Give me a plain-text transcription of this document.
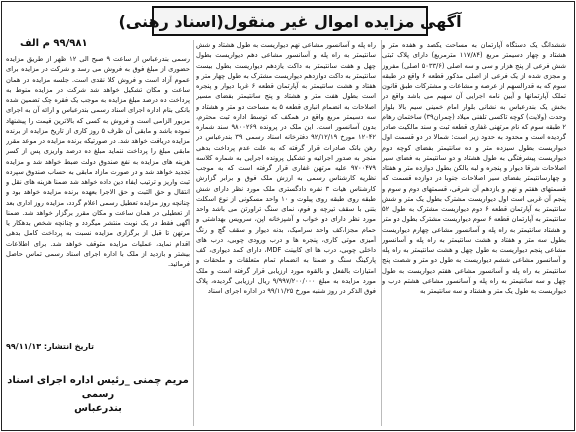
آگهی مزایده اموال غیر منقول(اسناد رهنی)
۹۹/۹۸۱ م الف	ششدانگ یک دستگاه آپارتمان به مساحت یکصد و هفده متر و هشتاد و چهار دسیمتر مربع (۱۱۷/۸۴ مترمربع) دارای پلاک ثبتی شش فرعی از پنج هزار و سی و سه اصلی (۵۰۳۳/۶ اصلی) مفروز و مجزی شده از یک فرعی از اصلی مذکور قطعه ۶ واقع در طبقه سوم که به قدرالسهم از عرصه و مشاعات و مشترکات طبق قانون تملک آپارتمانها و آیین نامه اجرایی آن سهیم می باشد واقع در بخش یک بندرعباس به نشانی بلوار امام خمینی سیم بالا بلوار وحدت (ولایت) کوچه تاکسی تلفنی میلاد (چمران۳۹) ساختمان رهام ۲ طبقه سوم که نام مرتهنی غفاری قطعه ثبت و سند مالکیت صادر گردیده است و محدود به حدود زیر است: شمالا در دو قسمت اول دیواریست بطول سیزده متر و ده سانتیمتر بفضای کوچه دوم دیواریست پیشرفتگی به طول هشتاد و دو سانتیمتر به فضای سیر اصلاحات شرقا دیوار و پنجره و لبه بالکن بطول دوازده متر و هفتاد و چهارسانتیمتر بفضای سیر اصلاحات جنوبا در دوازده قسمت که قسمتهای هفتم و نهم و یازدهم آن شرقی، قسمتهای دوم و سوم و پنجم آن غربی است اول دیواریست مشترک بطول یک متر و شش سانتیمتر به آپارتمان قطعه ۶ دوم دیواریست مشترک به طول ۵۲ سانتیمتر به آپارتمان قطعه ۶ سوم دیواریست مشترک بطول دو متر و هشتاد سانتیمتر به راه پله و آسانسور مشاعی چهارم دیواریست بطول سه متر و هفتاد و هشت سانتیمتر به راه پله و آسانسور مشاعی پنجم دیواریست به طول چهل و هشت سانتیمتر به راه پله و آسانسور مشاعی ششم دیواریست به طول دو متر و شصت پنج سانتیمتر به راه پله و آسانسور مشاعی هفتم دیواریست به طول چهل و سه سانتیمتر به راه پله و آسانسور مشاعی هشتم درب و دیواریست به طول یک متر و هشتاد و سه سانتیمتر به
راه پله و آسانسور مشاعی نهم دیواریست به طول هشتاد و شش سانتیمتر به راه پله و آسانسور مشاعی دهم دیواریست بطول چهل و هفت سانتیمتر به داکت یازدهم دیواریست بطول بیست سانتیمتر به داکت دوازدهم دیواریست مشترک به طول چهار متر و هفتاد و هشت سانتیمتر به آپارتمان قطعه ۶ غربا دیوار و پنجره است بطول هفت متر و هشتاد و پنج سانتیمتر بفضای مسیر اصلاحات به انضمام انباری قطعه ۵ به مساحت دو متر و هشتاد و سه دسیمتر مربع واقع در همکف که توسط اداره ثبت محترم، بدون آسانسور است. این ملک در پرونده ۹۸۰۰۲۶۹ سند شماره ۱۲۰۴۲ مورخ ۹۲/۱۲/۱۹ دفترخانه اسناد رسمی ۳۹ بندرعباس در رهن بانک صادرات قرار گرفته که به علت عدم پرداخت بدهی منجر به صدور اجرائیه و تشکیل پرونده اجرایی به شماره کلاسه ۹۷۰۰۴۷۹ علیه مرتهن غفاری قرار گرفته است که به موجب نظریه کارشناس رسمی به ارزش ملک فوق و برابر گزارش کارشناس هیات ۳ نفره دادگستری ملک مورد نظر دارای شش طبقه روی طبقه روی پیلوت و ۱۰ واحد مسکونی از نوع اسکلت بتنی با سقف تیرچه و فوم، نمای سنگ تراورتن می باشد واحد مورد نظر دارای دو خواب و آشپزخانه اپن، سرویس بهداشتی و حمام مجزا،کف واحد سرامیک، بدنه دیوار و سقف گچ و رنگ آمیزی موتی کاری، پنجره ها و درب ورودی چوبی، درب های داخلی چوبی، درب ها ای کابینت MDF، دارای کمد دیواری، کف پارکینگ سنگ و ضمنا به انضمام تمام متعلقات و ملحقات و امتیازات بالفعل و بالقوه مورد ارزیابی قرار گرفته است و ملک مورد مزایده به مبلغ ۹/۹۹۷/۲۰۰/۰۰۰ ریال ارزیابی گردیده، پلاک فوق الذکر در روز شنبه مورخ ۹۹/۱۱/۲۵ در اداره اجرای اسناد
رسمی بندرعباس از ساعت ۹ صبح الی ۱۲ ظهر از طریق مزایده حضوری از مبلغ فوق به فروش می رسد و شرکت در مزایده برای عموم آزاد است و فروش کلا نقدی است. جلسه مزایده در همان ساعت و مکان تشکیل خواهد شد شرکت در مزایده منوط به پرداخت ده درصد مبلغ مزایده به موجب یک فقره چک تضمین شده بانکی بنام اداره اجرای اسناد رسمی بندرعباس و ارائه آن به اجرای مزبور الزامی است و فروش به کسی که بالاترین قیمت را پیشنهاد نموده باشد و مابقی آن ظرف ۵ روز کاری از تاریخ مزایده از برنده مزایده دریافت خواهد شد. در صورتیکه برنده مزایده در موعد مقرر مابقی مبلغ را پرداخت ننماید مبلغ ده درصد واریزی پس از کسر هزینه های مزایده به نفع صندوق دولت ضبط خواهد شد و مزایده تجدید خواهد شد و در صورت مازاد مابقی به حساب صندوق سپرده ثبت واریز و ترتیب ایفاء دین داده خواهد شد ضمنا هزینه های نقل و انتقال و حق الثبت و حق الاجرا بعهده برنده مزایده خواهد بود و چنانچه روز مزایده تعطیل رسمی اعلام گردد، مزایده روز اداری بعد از تعطیلی در همان ساعت و مکان مقرر برگزار خواهد شد. ضمنا آگهی فقط در یک نوبت منتشر میگردد و چنانچه شخص بدهکار یا مرتهن تا قبل از برگزاری مزایده نسبت به پرداخت کامل بدهی اقدام نماید، عملیات مزایده متوقف خواهد شد. برای اطلاعات بیشتر و بازدید از ملک با اداره اجرای اسناد رسمی تماس حاصل فرمائید.
تاریخ انتشار: ۹۹/۱۱/۱۳
مریم چمنی _رئیس اداره اجرای اسناد رسمی
بندرعباس
